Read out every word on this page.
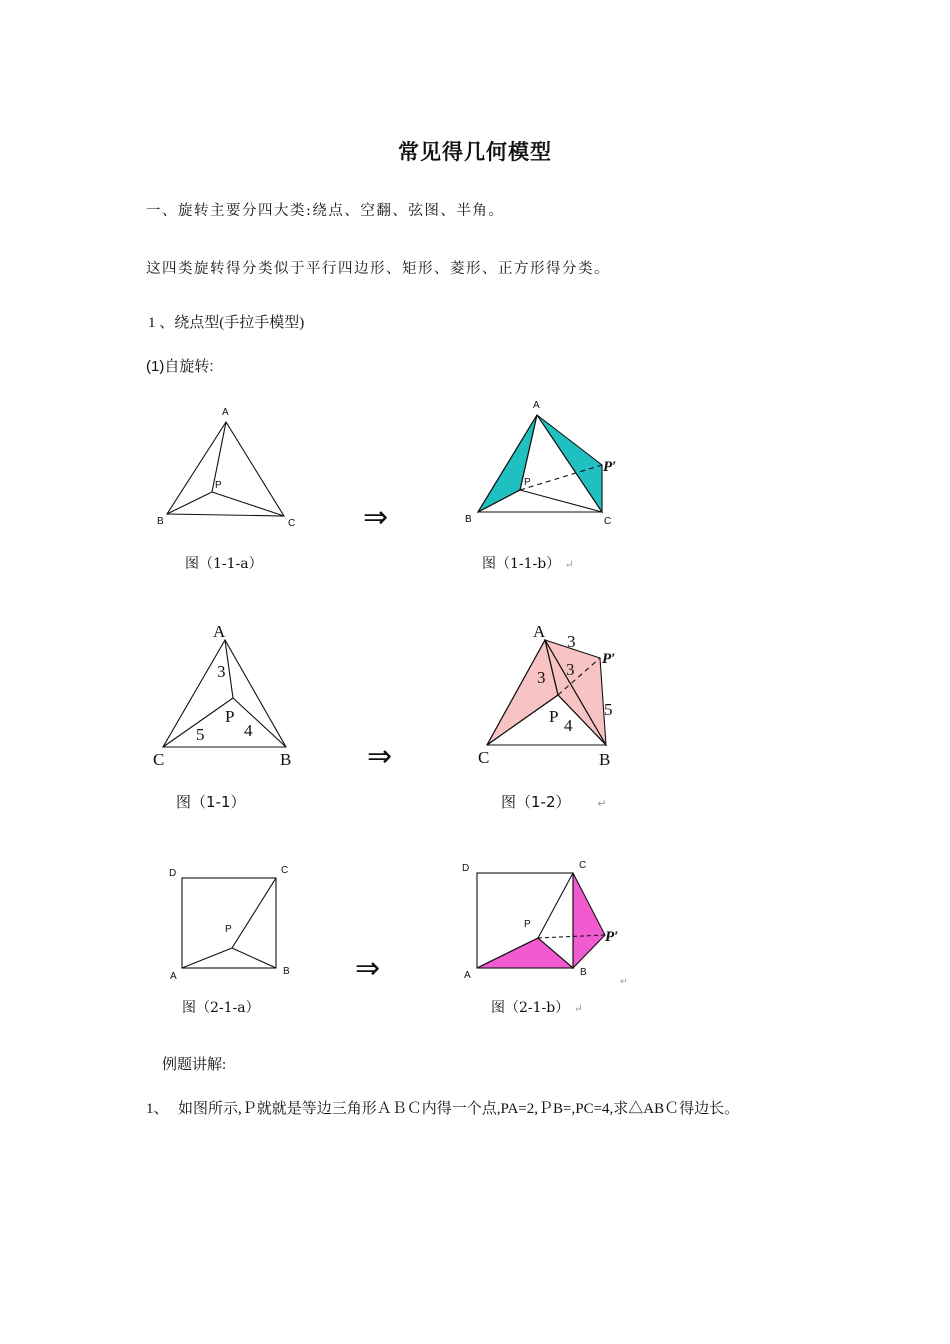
常见得几何模型
一、旋转主要分四大类:绕点、空翻、弦图、半角。
这四类旋转得分类似于平行四边形、矩形、菱形、正方形得分类。
1 、绕点型(手拉手模型)
(1)自旋转:
A
B	C
P
图（1-1-a）
⇒
A
B	C
P
P′
图（1-1-b） ↵
A
C	B
P
3
4
5
图（1-1）
⇒
A
C	B
P
P′
3
3
3
4
5
图（1-2） ↵
D	C
A	B
P
图（2-1-a）
⇒
D	C
A	B
P
P′
↵
图（2-1-b） ↵
例题讲解:
1、 如图所示,Ｐ就就是等边三角形ＡＢＣ内得一个点,PA=2,ＰB=,PC=4,求△ABＣ得边长。
